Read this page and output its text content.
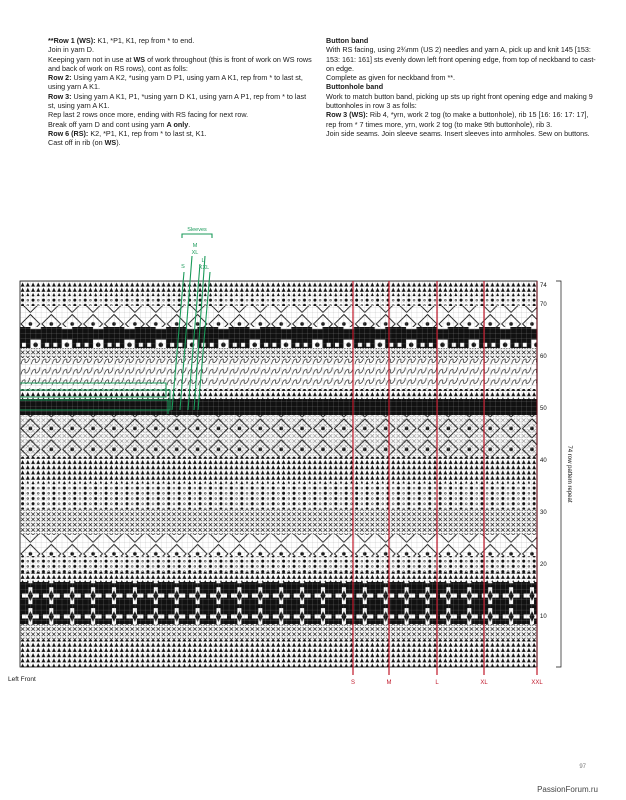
**Row 1 (WS): K1, *P1, K1, rep from * to end.

Join in yarn D.

Keeping yarn not in use at WS of work throughout (this is front of work on WS rows and back of work on RS rows), cont as folls:

Row 2: Using yarn A K2, *using yarn D P1, using yarn A K1, rep from * to last st, using yarn A K1.

Row 3: Using yarn A K1, P1, *using yarn D K1, using yarn A P1, rep from * to last st, using yarn A K1.

Rep last 2 rows once more, ending with RS facing for next row.

Break off yarn D and cont using yarn A only.

Row 6 (RS): K2, *P1, K1, rep from * to last st, K1.

Cast off in rib (on WS).

Button band

With RS facing, using 2¾mm (US 2) needles and yarn A, pick up and knit 145 [153: 153: 161: 161] sts evenly down left front opening edge, from top of neckband to cast-on edge.

Complete as given for neckband from **.

Buttonhole band

Work to match button band, picking up sts up right front opening edge and making 9 buttonholes in row 3 as folls:

Row 3 (WS): Rib 4, *yrn, work 2 tog (to make a buttonhole), rib 15 [16: 16: 17: 17], rep from * 7 times more, yrn, work 2 tog (to make 9th buttonhole), rib 3.

Join side seams. Join sleeve seams. Insert sleeves into armholes. Sew on buttons.

Sleeves
S
M
L
XL
XXL
S	M	L	XL	XXL
74
70
60
50
40
30
20
10
74 row pattern repeat
Left Front
97
PassionForum.ru
